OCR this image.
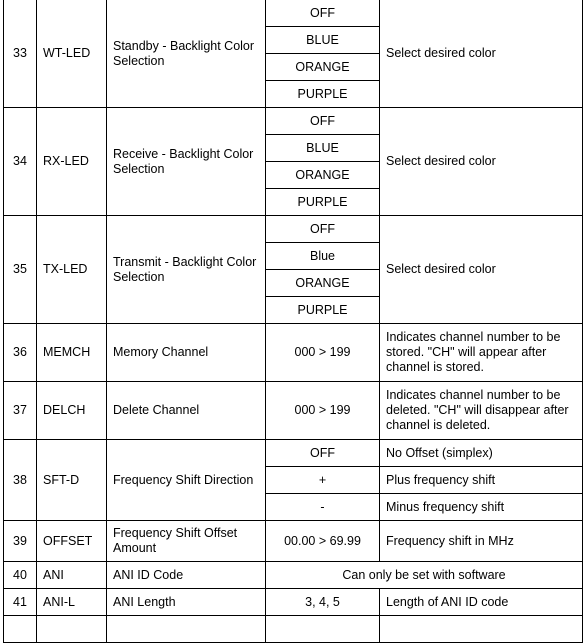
33	WT-LED	Standby - Backlight Color Selection	OFF	Select desired color
			BLUE	
			ORANGE	
			PURPLE	
34	RX-LED	Receive - Backlight Color Selection	OFF	Select desired color
			BLUE	
			ORANGE	
			PURPLE	
35	TX-LED	Transmit - Backlight Color Selection	OFF	Select desired color
			Blue	
			ORANGE	
			PURPLE	
36	MEMCH	Memory Channel	000 > 199	Indicates channel number to be stored. "CH" will appear after channel is stored.
37	DELCH	Delete Channel	000 > 199	Indicates channel number to be deleted. "CH" will disappear after channel is deleted.
38	SFT-D	Frequency Shift Direction	OFF	No Offset (simplex)
			+	Plus frequency shift
			-	Minus frequency shift
39	OFFSET	Frequency Shift Offset Amount	00.00 > 69.99	Frequency shift in MHz
40	ANI	ANI ID Code	Can only be set with software	
41	ANI-L	ANI Length	3, 4, 5	Length of ANI ID code
